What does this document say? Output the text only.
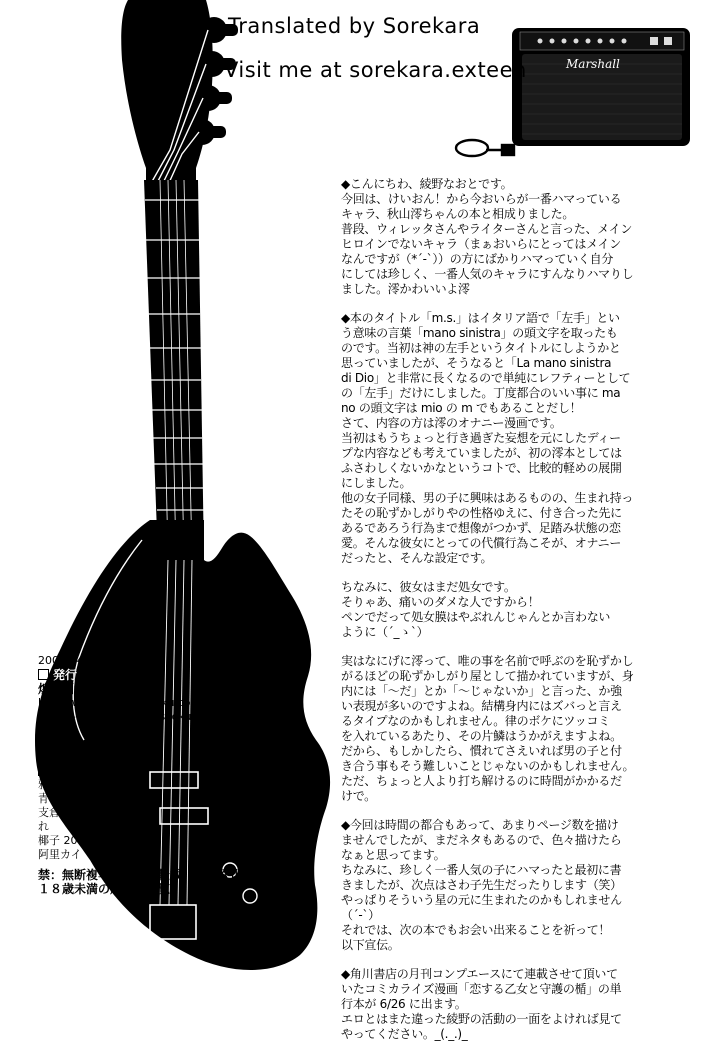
Marshall
Translated by Sorekara
Visit me at sorekara.exteen

◆こんにちわ、綾野なおとです。
今回は、けいおん！から今おいらが一番ハマっている
キャラ、秋山澪ちゃんの本と相成りました。
普段、ウィレッタさんやライターさんと言った、メイン
ヒロインでないキャラ（まぁおいらにとってはメイン
なんですが（*´-`））の方にばかりハマっていく自分
にしては珍しく、一番人気のキャラにすんなりハマりし
ました。澪かわいいよ澪

◆本のタイトル「m.s.」はイタリア語で「左手」とい
う意味の言葉「mano sinistra」の頭文字を取ったも
のです。当初は神の左手というタイトルにしようかと
思っていましたが、そうなると「La mano sinistra
di Dio」と非常に長くなるので単純にレフティーとして
の「左手」だけにしました。丁度都合のいい事に ma
no の頭文字は mio の m でもあることだし！
さて、内容の方は澪のオナニー漫画です。
当初はもうちょっと行き過ぎた妄想を元にしたディー
プな内容なども考えていましたが、初の澪本としては
ふさわしくないかなというコトで、比較的軽めの展開
にしました。
他の女子同様、男の子に興味はあるものの、生まれ持っ
たその恥ずかしがりやの性格ゆえに、付き合った先に
あるであろう行為まで想像がつかず、足踏み状態の恋
愛。そんな彼女にとっての代償行為こそが、オナニー
だったと、そんな設定です。

ちなみに、彼女はまだ処女です。
そりゃあ、痛いのダメな人ですから！
ペンでだって処女膜はやぶれんじゃんとか言わない
ように（´_ゝ`）

実はなにげに澪って、唯の事を名前で呼ぶのを恥ずかし
がるほどの恥ずかしがり屋として描かれていますが、身
内には「～だ」とか「～じゃないか」と言った、か強
い表現が多いのですよね。結構身内にはズバっと言え
るタイプなのかもしれません。律のボケにツッコミ
を入れているあたり、その片鱗はうかがえますよね。
だから、もしかしたら、慣れてさえいれば男の子と付
き合う事もそう難しいことじゃないのかもしれません。
ただ、ちょっと人より打ち解けるのに時間がかかるだ
けで。

◆今回は時間の都合もあって、あまりページ数を描け
ませんでしたが、まだネタもあるので、色々描けたら
なぁと思ってます。
ちなみに、珍しく一番人気の子にハマったと最初に書
きましたが、次点はさわ子先生だったりします（笑）
やっぱりそういう星の元に生まれたのかもしれません
（´-`）
それでは、次の本でもお会い出来ることを祈って！
以下宣伝。

◆角川書店の月刊コンプエースにて連載させて頂いて
いたコミカライズ漫画「恋する乙女と守護の楯」の単
行本が 6/26 に出ます。
エロとはまた違った綾野の活動の一面をよければ見て
やってください。_(._.)_

2009/04/26
発行
煌奇国綸／綾野なおと
http://www.kaikinissyoku.com
ayano-naoto@kaikinissyoku.com
印刷
POWER SEEDS
STAFF
雅
青柳
支倉玲
れ
椰子 2009（春）
阿里カイ
禁：無断複写、複製、転載、データ化、貸行
１８歳未満の購入、閲覧
